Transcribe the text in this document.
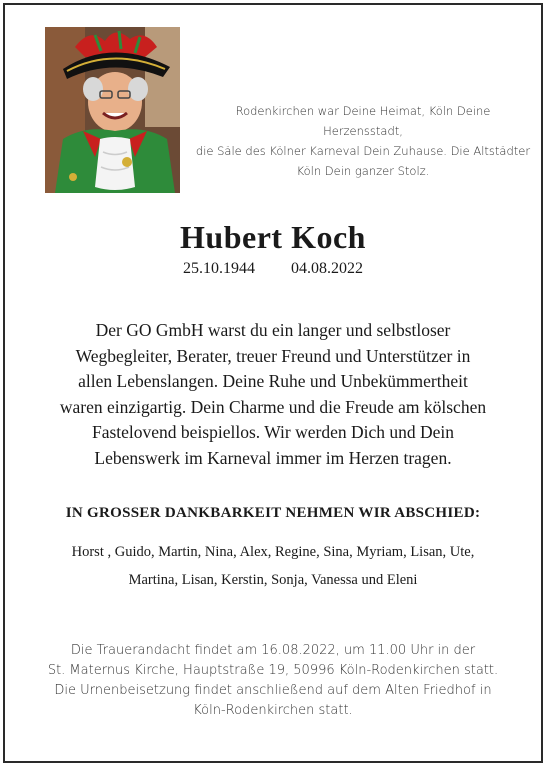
Rodenkirchen war Deine Heimat, Köln Deine Herzensstadt,
die Säle des Kölner Karneval Dein Zuhause. Die Altstädter
Köln Dein ganzer Stolz.
Hubert Koch
25.10.1944 04.08.2022
Der GO GmbH warst du ein langer und selbstloser
Wegbegleiter, Berater, treuer Freund und Unterstützer in
allen Lebenslangen. Deine Ruhe und Unbekümmertheit
waren einzigartig. Dein Charme und die Freude am kölschen
Fastelovend beispiellos. Wir werden Dich und Dein
Lebenswerk im Karneval immer im Herzen tragen.
IN GROSSER DANKBARKEIT NEHMEN WIR ABSCHIED:
Horst , Guido, Martin, Nina, Alex, Regine, Sina, Myriam, Lisan, Ute,
Martina, Lisan, Kerstin, Sonja, Vanessa und Eleni
Die Trauerandacht findet am 16.08.2022, um 11.00 Uhr in der
St. Maternus Kirche, Hauptstraße 19, 50996 Köln-Rodenkirchen statt.
Die Urnenbeisetzung findet anschließend auf dem Alten Friedhof in
Köln-Rodenkirchen statt.
